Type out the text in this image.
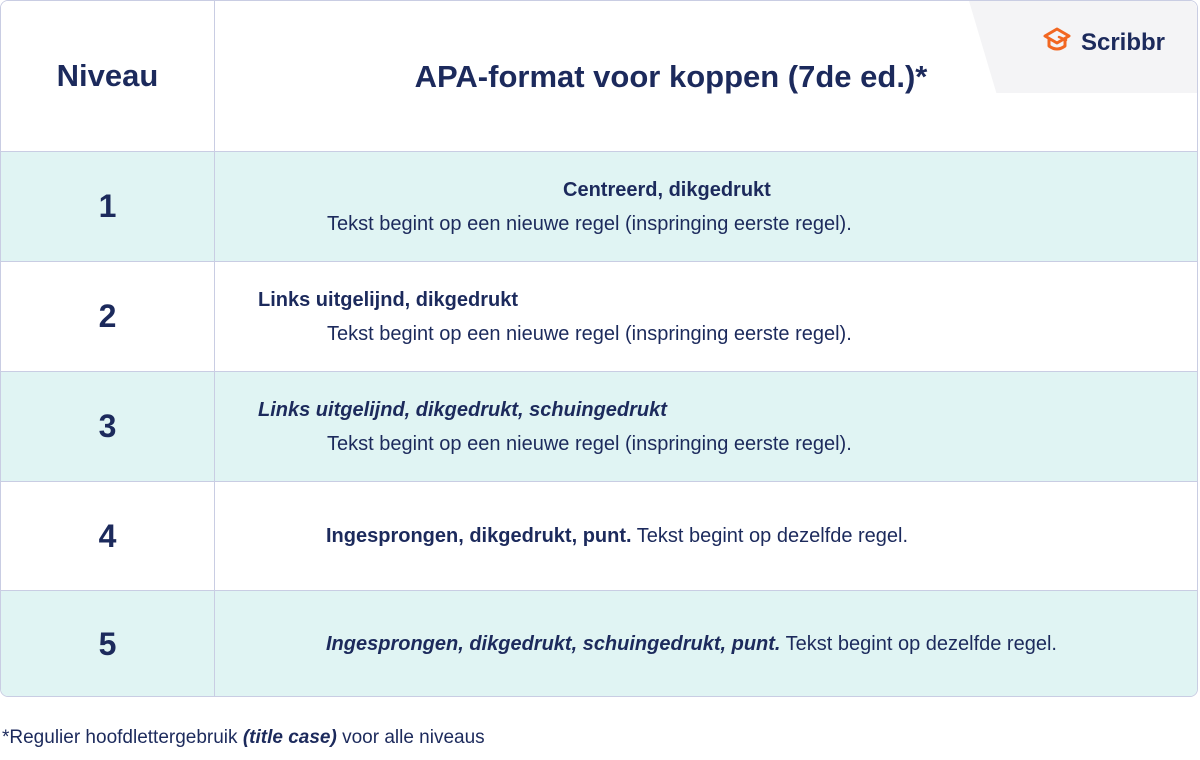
Niveau	APA-format voor koppen (7de ed.)*
1	Centreerd, dikgedrukt
Tekst begint op een nieuwe regel (inspringing eerste regel).
2	Links uitgelijnd, dikgedrukt
Tekst begint op een nieuwe regel (inspringing eerste regel).
3	Links uitgelijnd, dikgedrukt, schuingedrukt
Tekst begint op een nieuwe regel (inspringing eerste regel).
4	Ingesprongen, dikgedrukt, punt. Tekst begint op dezelfde regel.
5	Ingesprongen, dikgedrukt, schuingedrukt, punt. Tekst begint op dezelfde regel.
Scribbr
*Regulier hoofdlettergebruik (title case) voor alle niveaus
